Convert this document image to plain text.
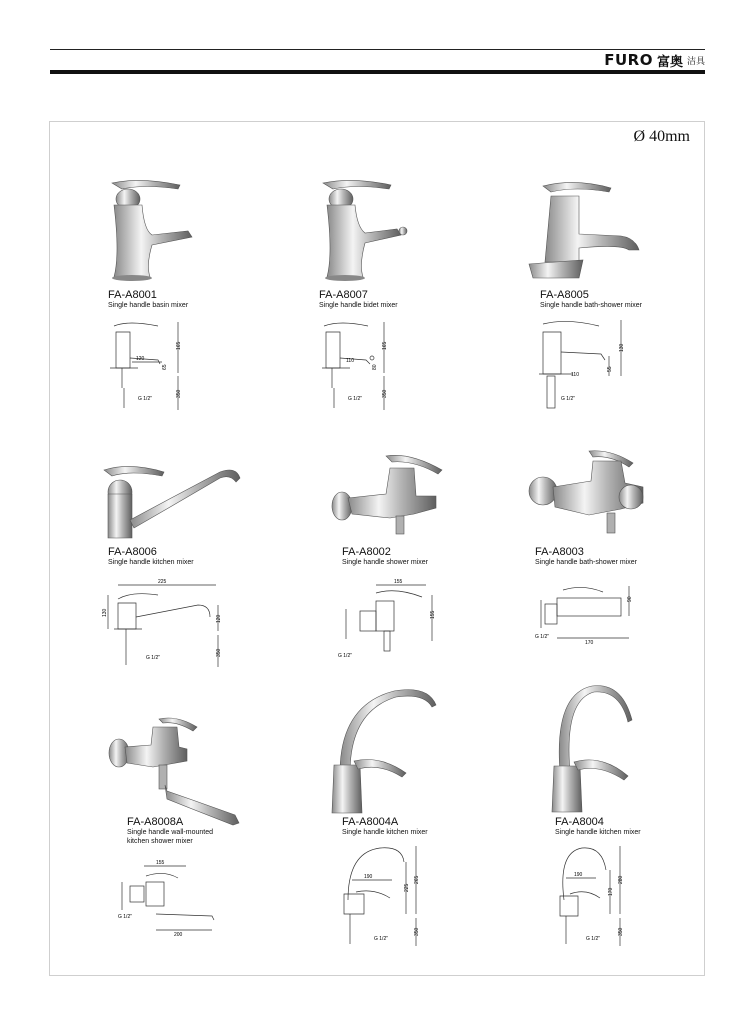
FURO 富奥 洁具
Ø 40mm
FA-A8001
Single handle basin mixer
120
165
65
350
G 1/2"
FA-A8007
Single handle bidet mixer
110
165
80
350
G 1/2"
FA-A8005
Single handle bath-shower mixer
110
130
55
G 1/2"
FA-A8006
Single handle kitchen mixer
225
130
120
350
G 1/2"
FA-A8002
Single handle shower mixer
155
155
G 1/2"
FA-A8003
Single handle bath-shower mixer
90
170
G 1/2"
FA-A8008A
Single handle wall-mounted
kitchen shower mixer
155
200
G 1/2"
FA-A8004A
Single handle kitchen mixer
190
225
265
350
G 1/2"
FA-A8004
Single handle kitchen mixer
190
170
280
350
G 1/2"
